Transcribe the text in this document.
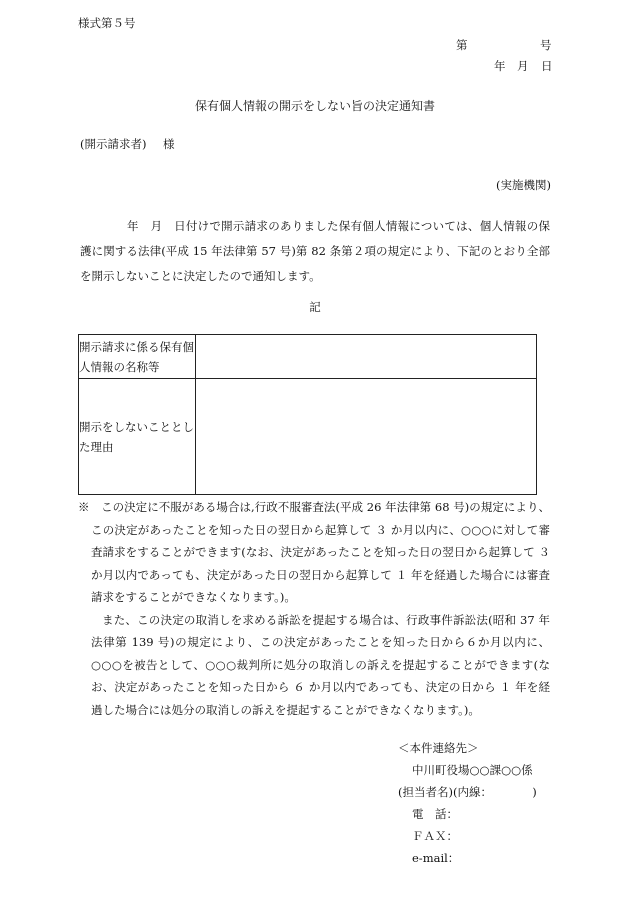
様式第５号
第	号
年 月 日
保有個人情報の開示をしない旨の決定通知書
(開示請求者) 様
(実施機関)
　　　　年　月　日付けで開示請求のありました保有個人情報については、個人情報の保護に関する法律(平成 15 年法律第 57 号)第 82 条第２項の規定により、下記のとおり全部を開示しないことに決定したので通知します。
記
開示請求に係る保有個人情報の名称等	
開示をしないこととした理由	
※　この決定に不服がある場合は,行政不服審査法(平成 26 年法律第 68 号)の規定により、この決定があったことを知った日の翌日から起算して ３ か月以内に、○○○に対して審査請求をすることができます(なお、決定があったことを知った日の翌日から起算して ３ か月以内であっても、決定があった日の翌日から起算して １ 年を経過した場合には審査請求をすることができなくなります。)。
また、この決定の取消しを求める訴訟を提起する場合は、行政事件訴訟法(昭和 37 年法律第 139 号)の規定により、この決定があったことを知った日から６か月以内に、○○○を被告として、○○○裁判所に処分の取消しの訴えを提起することができます(なお、決定があったことを知った日から ６ か月以内であっても、決定の日から １ 年を経過した場合には処分の取消しの訴えを提起することができなくなります。)。
＜本件連絡先＞
中川町役場○○課○○係
(担当者名)(内線：　　　　)
電　話：
ＦＡＸ：
e-mail：
